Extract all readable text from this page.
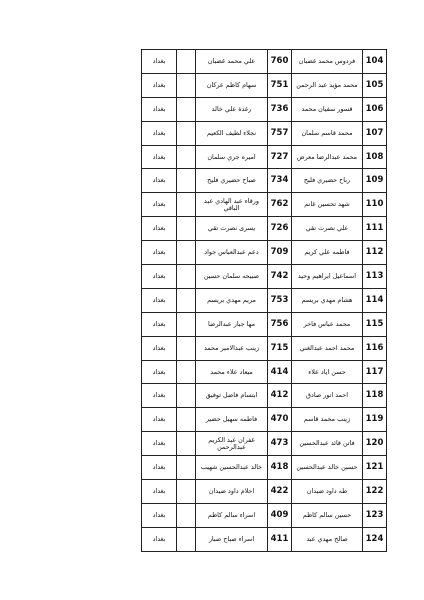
104	فردوس محمد غضبان	760	علي محمد غضبان		بغداد
105	محمد مؤيد عبد الرحمن	751	سهام كاظم عركان		بغداد
106	قسور سفيان محمد	736	رغدة علي خالد		بغداد
107	محمد قاسم سلمان	757	نجلاء لطيف الكعيم		بغداد
108	محمد عبدالرضا معرض	727	اميره جري سلمان		بغداد
109	رباح حضيري فليح	734	صباح حضيري فليح		بغداد
110	شهد تحسين غانم	762	ورقاء عبد الهادي عبد الباقي		بغداد
111	علي نصرت تقي	726	يسرى نصرت تقي		بغداد
112	فاطمه علي كريم	709	دعم عبدالعباس جواد		بغداد
113	اسماعيل ابراهيم وحيد	742	صبيحه سلمان حسين		بغداد
114	هشام مهدي بريسم	753	مريم مهدي بريسم		بغداد
115	محمد عباس فاخر	756	مها جبار عبدالرضا		بغداد
116	محمد احمد عبدالغني	715	زينب عبدالامير محمد		بغداد
117	حسن اياد علاء	414	ميعاد علاء محمد		بغداد
118	احمد انور صادق	412	ابتسام فاضل توفيق		بغداد
119	زينب محمد قاسم	470	فاطمه سهيل حضير		بغداد
120	فاتن قائد عبدالحسين	473	غفران عبد الكريم عبدالرحمن		بغداد
121	حسين خالد عبدالحسين	418	خالد عبدالحسين شهيب		بغداد
122	طه داود ضيدان	422	احلام داود ضيدان		بغداد
123	حسين سالم كاظم	409	اسراء سالم كاظم		بغداد
124	صالح مهدي عبد	411	اسراء صباح صبار		بغداد
